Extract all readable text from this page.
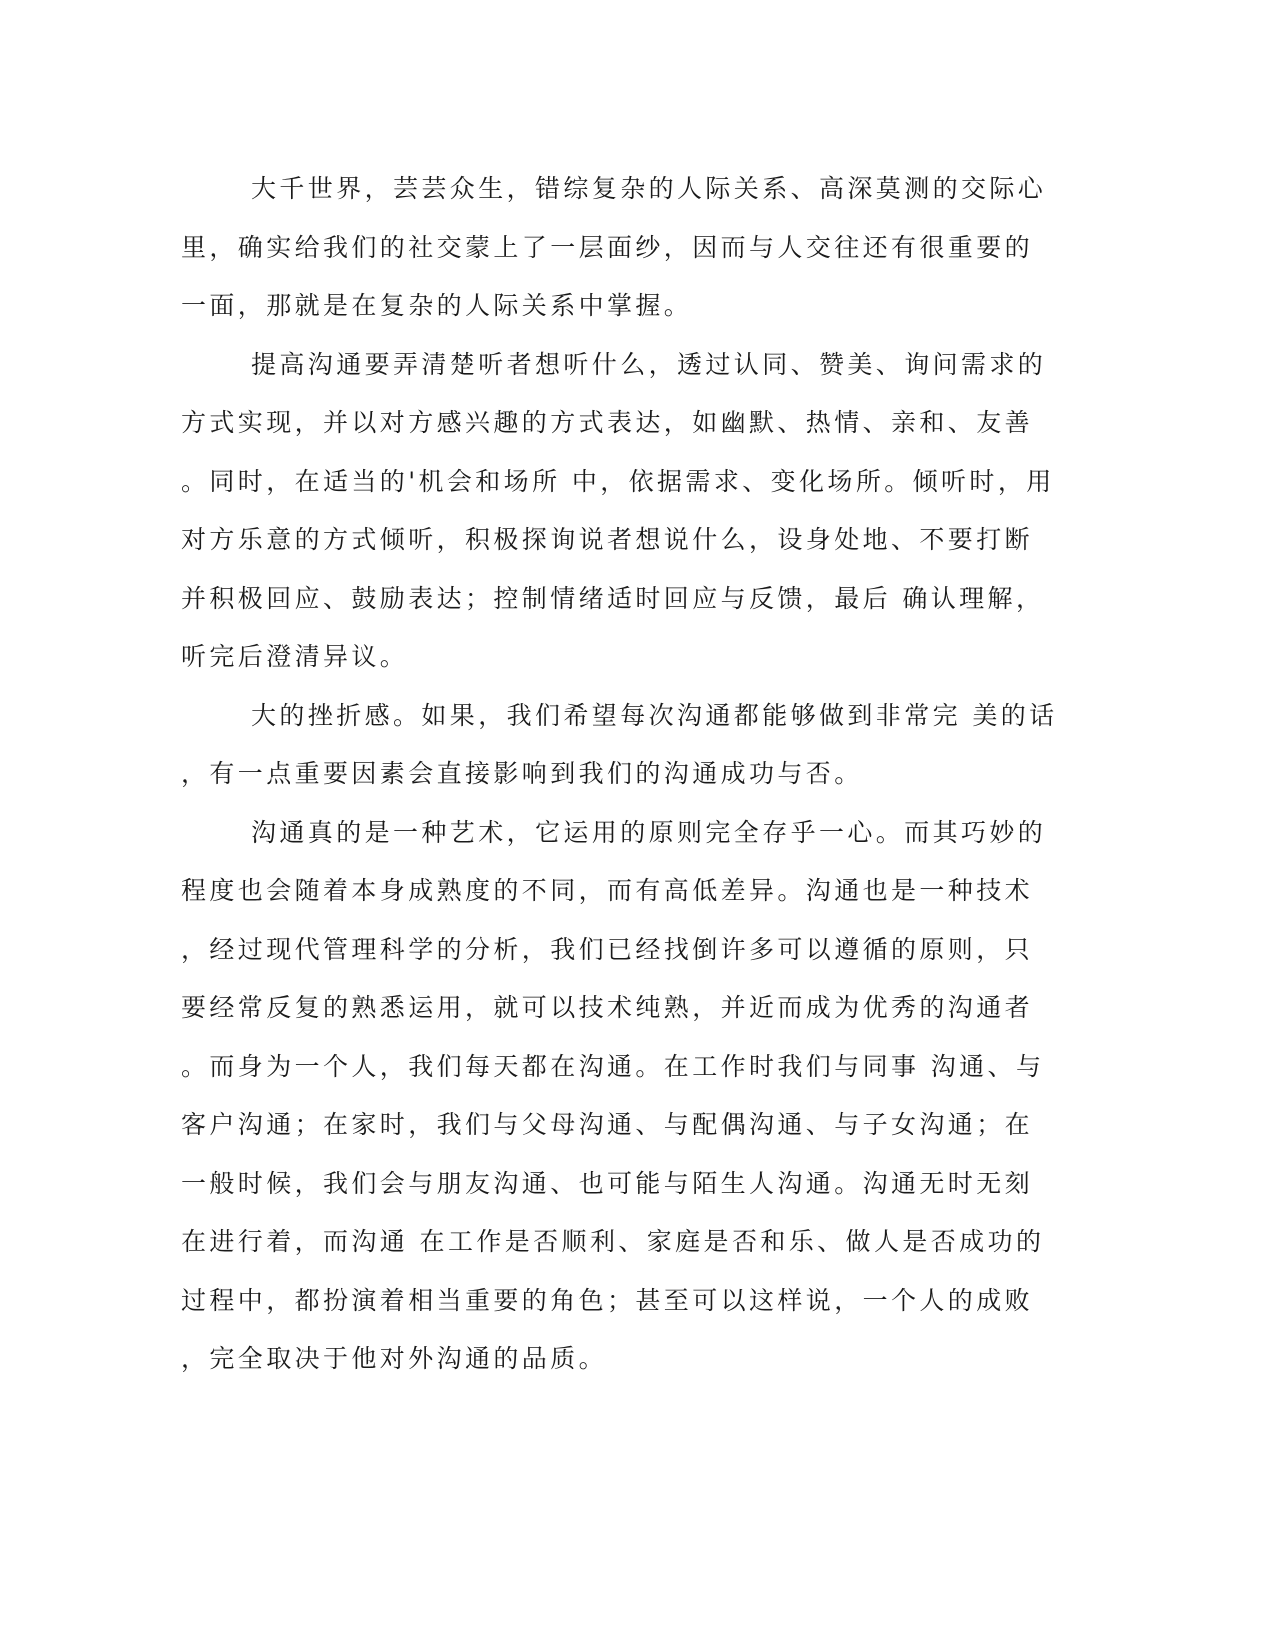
大千世界，芸芸众生，错综复杂的人际关系、高深莫测的交际心
里，确实给我们的社交蒙上了一层面纱，因而与人交往还有很重要的
一面，那就是在复杂的人际关系中掌握。
提高沟通要弄清楚听者想听什么，透过认同、赞美、询问需求的
方式实现，并以对方感兴趣的方式表达，如幽默、热情、亲和、友善
。同时，在适当的'机会和场所 中，依据需求、变化场所。倾听时，用
对方乐意的方式倾听，积极探询说者想说什么，设身处地、不要打断
并积极回应、鼓励表达；控制情绪适时回应与反馈，最后 确认理解，
听完后澄清异议。
大的挫折感。如果，我们希望每次沟通都能够做到非常完 美的话
，有一点重要因素会直接影响到我们的沟通成功与否。
沟通真的是一种艺术，它运用的原则完全存乎一心。而其巧妙的
程度也会随着本身成熟度的不同，而有高低差异。沟通也是一种技术
，经过现代管理科学的分析，我们已经找倒许多可以遵循的原则，只
要经常反复的熟悉运用，就可以技术纯熟，并近而成为优秀的沟通者
。而身为一个人，我们每天都在沟通。在工作时我们与同事 沟通、与
客户沟通；在家时，我们与父母沟通、与配偶沟通、与子女沟通；在
一般时候，我们会与朋友沟通、也可能与陌生人沟通。沟通无时无刻
在进行着，而沟通 在工作是否顺利、家庭是否和乐、做人是否成功的
过程中，都扮演着相当重要的角色；甚至可以这样说，一个人的成败
，完全取决于他对外沟通的品质。
